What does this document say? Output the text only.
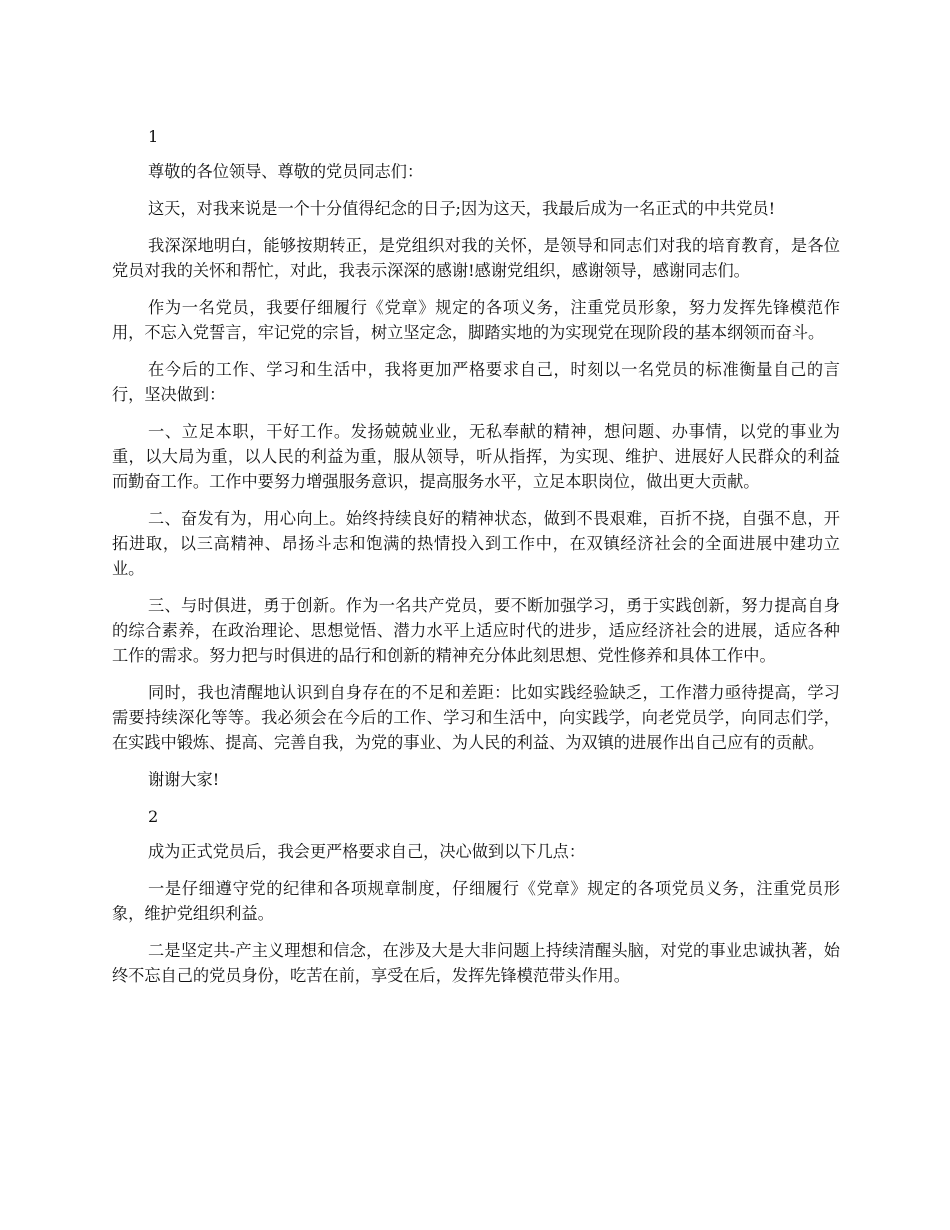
1

尊敬的各位领导、尊敬的党员同志们：

这天，对我来说是一个十分值得纪念的日子;因为这天，我最后成为一名正式的中共党员!

我深深地明白，能够按期转正，是党组织对我的关怀，是领导和同志们对我的培育教育，是各位党员对我的关怀和帮忙，对此，我表示深深的感谢!感谢党组织，感谢领导，感谢同志们。

作为一名党员，我要仔细履行《党章》规定的各项义务，注重党员形象，努力发挥先锋模范作用，不忘入党誓言，牢记党的宗旨，树立坚定念，脚踏实地的为实现党在现阶段的基本纲领而奋斗。

在今后的工作、学习和生活中，我将更加严格要求自己，时刻以一名党员的标准衡量自己的言行，坚决做到：

一、立足本职，干好工作。发扬兢兢业业，无私奉献的精神，想问题、办事情，以党的事业为重，以大局为重，以人民的利益为重，服从领导，听从指挥，为实现、维护、进展好人民群众的利益而勤奋工作。工作中要努力增强服务意识，提高服务水平，立足本职岗位，做出更大贡献。

二、奋发有为，用心向上。始终持续良好的精神状态，做到不畏艰难，百折不挠，自强不息，开拓进取，以三高精神、昂扬斗志和饱满的热情投入到工作中，在双镇经济社会的全面进展中建功立业。

三、与时俱进，勇于创新。作为一名共产党员，要不断加强学习，勇于实践创新，努力提高自身的综合素养，在政治理论、思想觉悟、潜力水平上适应时代的进步，适应经济社会的进展，适应各种工作的需求。努力把与时俱进的品行和创新的精神充分体此刻思想、党性修养和具体工作中。

同时，我也清醒地认识到自身存在的不足和差距：比如实践经验缺乏，工作潜力亟待提高，学习需要持续深化等等。我必须会在今后的工作、学习和生活中，向实践学，向老党员学，向同志们学，在实践中锻炼、提高、完善自我，为党的事业、为人民的利益、为双镇的进展作出自己应有的贡献。

谢谢大家!

2

成为正式党员后，我会更严格要求自己，决心做到以下几点：

一是仔细遵守党的纪律和各项规章制度，仔细履行《党章》规定的各项党员义务，注重党员形象，维护党组织利益。

二是坚定共-产主义理想和信念，在涉及大是大非问题上持续清醒头脑，对党的事业忠诚执著，始终不忘自己的党员身份，吃苦在前，享受在后，发挥先锋模范带头作用。
